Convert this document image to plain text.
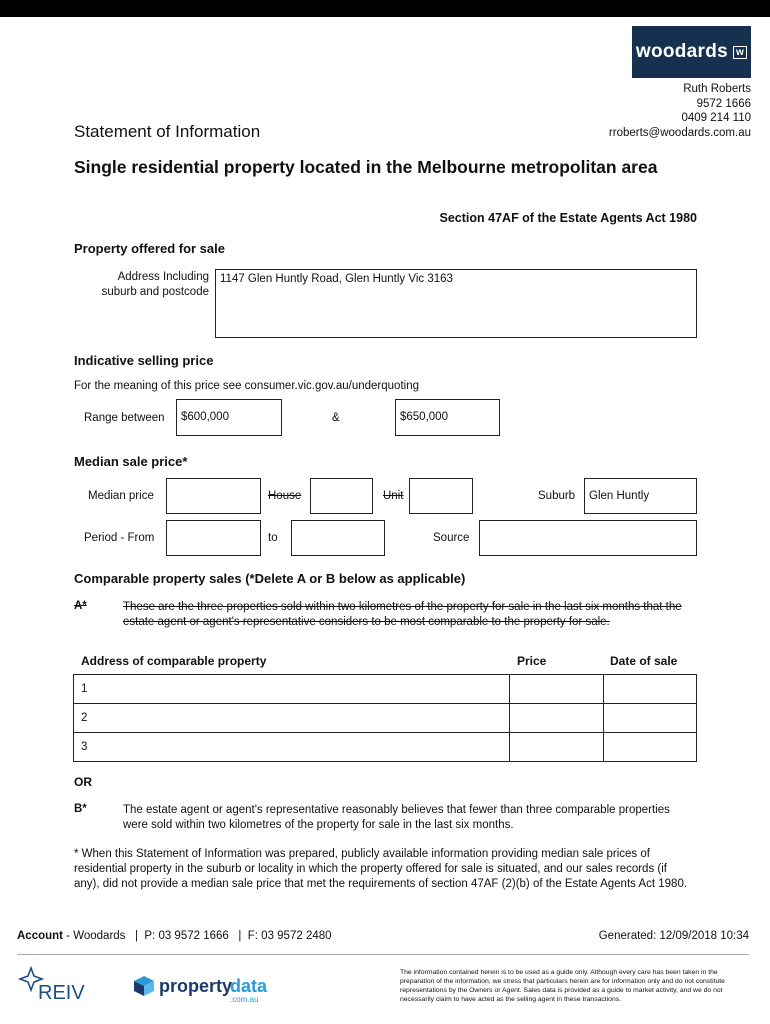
woodards w
Ruth Roberts
9572 1666
0409 214 110
rroberts@woodards.com.au
Statement of Information
Single residential property located in the Melbourne metropolitan area
Section 47AF of the Estate Agents Act 1980
Property offered for sale
Address Including suburb and postcode
1147 Glen Huntly Road, Glen Huntly Vic 3163
Indicative selling price
For the meaning of this price see consumer.vic.gov.au/underquoting
Range between	$600,000	&	$650,000
Median sale price*
Median price	House	Unit	Suburb	Glen Huntly
Period - From	to	Source
Comparable property sales (*Delete A or B below as applicable)
A*	These are the three properties sold within two kilometres of the property for sale in the last six months that the estate agent or agent's representative considers to be most comparable to the property for sale.
Address of comparable property	Price	Date of sale
1		
2		
3		
OR
B*	The estate agent or agent's representative reasonably believes that fewer than three comparable properties were sold within two kilometres of the property for sale in the last six months.
* When this Statement of Information was prepared, publicly available information providing median sale prices of residential property in the suburb or locality in which the property offered for sale is situated, and our sales records (if any), did not provide a median sale price that met the requirements of section 47AF (2)(b) of the Estate Agents Act 1980.
Account - Woodards   |  P: 03 9572 1666   |  F: 03 9572 2480	Generated: 12/09/2018 10:34
REIV	property
data
.com.au
The information contained herein is to be used as a guide only. Although every care has been taken in the preparation of the information, we stress that particulars herein are for information only and do not constitute representations by the Owners or Agent. Sales data is provided as a guide to market activity, and we do not necessarily claim to have acted as the selling agent in these transactions.
